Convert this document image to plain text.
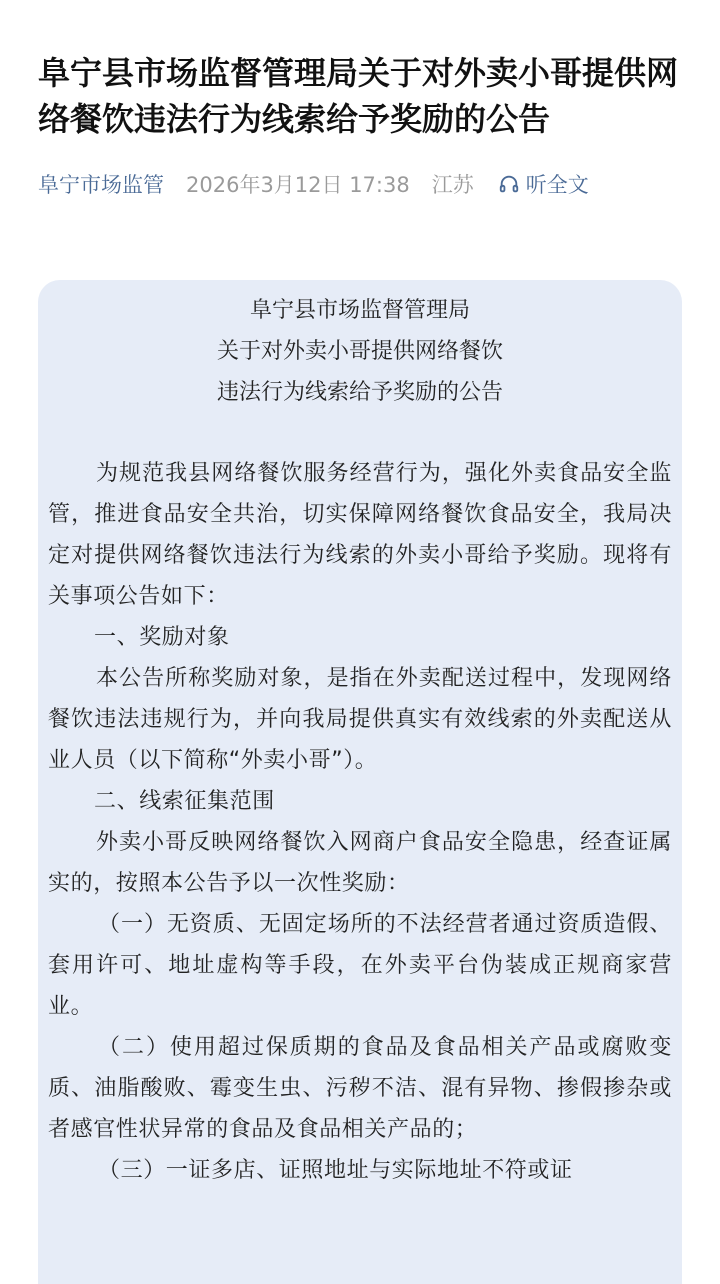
阜宁县市场监督管理局关于对外卖小哥提供网络餐饮违法行为线索给予奖励的公告
阜宁市场监管 2026年3月12日 17:38 江苏 听全文
阜宁县市场监督管理局
关于对外卖小哥提供网络餐饮
违法行为线索给予奖励的公告

为规范我县网络餐饮服务经营行为，强化外卖食品安全监管，推进食品安全共治，切实保障网络餐饮食品安全，我局决定对提供网络餐饮违法行为线索的外卖小哥给予奖励。现将有关事项公告如下：

一、奖励对象

本公告所称奖励对象，是指在外卖配送过程中，发现网络餐饮违法违规行为，并向我局提供真实有效线索的外卖配送从业人员（以下简称“外卖小哥”）。

二、线索征集范围

外卖小哥反映网络餐饮入网商户食品安全隐患，经查证属实的，按照本公告予以一次性奖励：

（一）无资质、无固定场所的不法经营者通过资质造假、套用许可、地址虚构等手段，在外卖平台伪装成正规商家营业。

（二）使用超过保质期的食品及食品相关产品或腐败变质、油脂酸败、霉变生虫、污秽不洁、混有异物、掺假掺杂或者感官性状异常的食品及食品相关产品的；

（三）一证多店、证照地址与实际地址不符或证
